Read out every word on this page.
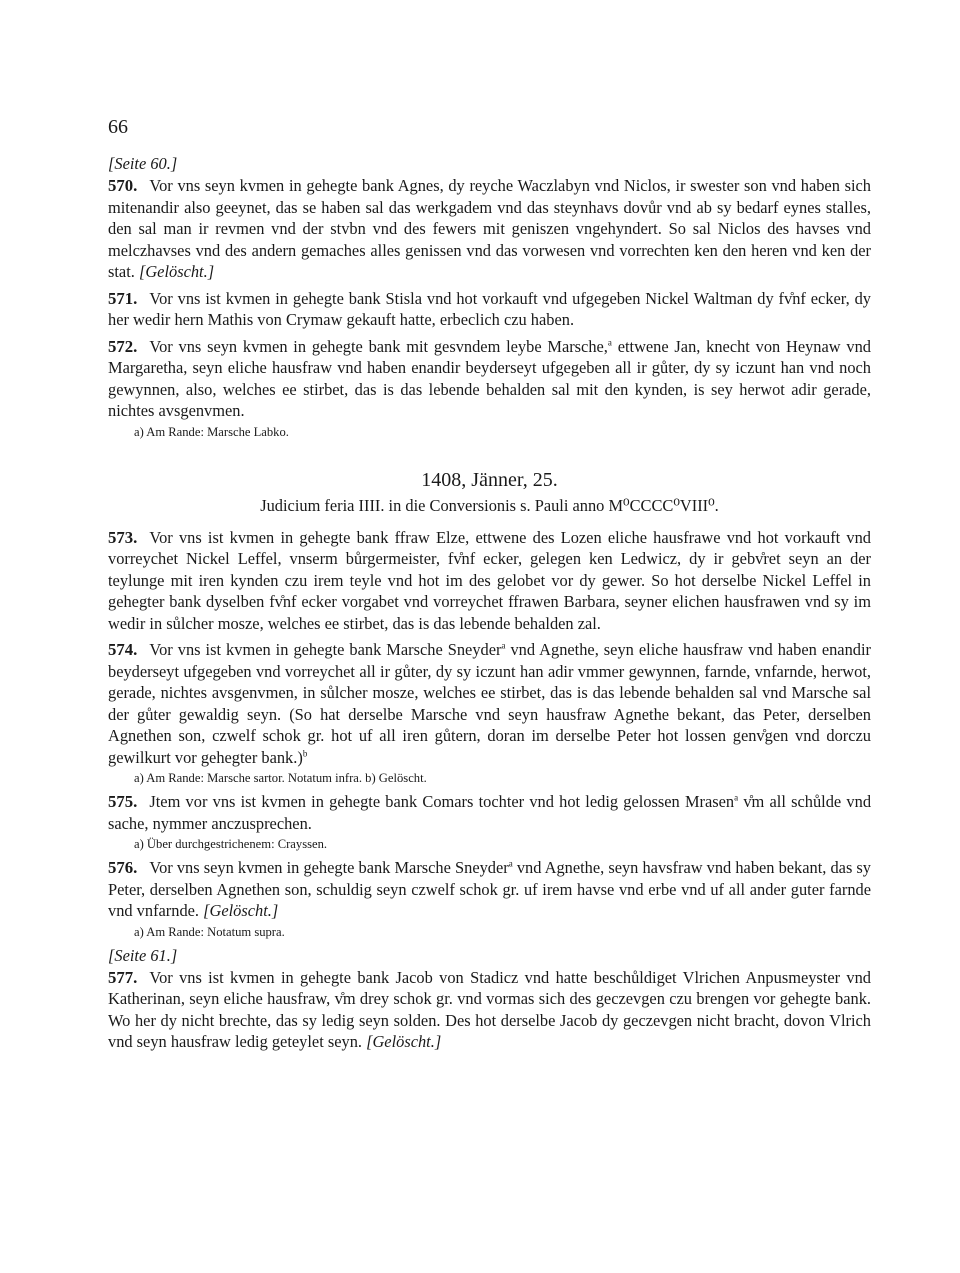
66
[Seite 60.]

570. Vor vns seyn kvmen in gehegte bank Agnes, dy reyche Waczlabyn vnd Niclos, ir swester son vnd haben sich mitenandir also geeynet, das se haben sal das werkgadem vnd das steynhavs dovůr vnd ab sy bedarf eynes stalles, den sal man ir revmen vnd der stvbn vnd des fewers mit geniszen vngehyndert. So sal Niclos des havses vnd melczhavses vnd des andern gemaches alles genissen vnd das vorwesen vnd vorrechten ken den heren vnd ken der stat. [Gelöscht.]

571. Vor vns ist kvmen in gehegte bank Stisla vnd hot vorkauft vnd ufgegeben Nickel Waltman dy fv̊nf ecker, dy her wedir hern Mathis von Crymaw gekauft hatte, erbeclich czu haben.

572. Vor vns seyn kvmen in gehegte bank mit gesvndem leybe Marsche,$^a$ ettwene Jan, knecht von Heynaw vnd Margaretha, seyn eliche hausfraw vnd haben enandir beyderseyt ufgegeben all ir gůter, dy sy iczunt han vnd noch gewynnen, also, welches ee stirbet, das is das lebende behalden sal mit den kynden, is sey herwot adir gerade, nichtes avsgenvmen.

a) Am Rande: Marsche Labko.
1408, Jänner, 25.
Judicium feria IIII. in die Conversionis s. Pauli anno M⁰CCCC⁰VIII⁰.

573. Vor vns ist kvmen in gehegte bank ffraw Elze, ettwene des Lozen eliche hausfrawe vnd hot vorkauft vnd vorreychet Nickel Leffel, vnserm bůrgermeister, fv̊nf ecker, gelegen ken Ledwicz, dy ir gebv̊ret seyn an der teylunge mit iren kynden czu irem teyle vnd hot im des gelobet vor dy gewer. So hot derselbe Nickel Leffel in gehegter bank dyselben fv̊nf ecker vorgabet vnd vorreychet ffrawen Barbara, seyner elichen hausfrawen vnd sy im wedir in sůlcher mosze, welches ee stirbet, das is das lebende behalden zal.

574. Vor vns ist kvmen in gehegte bank Marsche Sneyder$^a$ vnd Agnethe, seyn eliche hausfraw vnd haben enandir beyderseyt ufgegeben vnd vorreychet all ir gůter, dy sy iczunt han adir vmmer gewynnen, farnde, vnfarnde, herwot, gerade, nichtes avsgenvmen, in sůlcher mosze, welches ee stirbet, das is das lebende behalden sal vnd Marsche sal der gůter gewaldig seyn. (So hat derselbe Marsche vnd seyn hausfraw Agnethe bekant, das Peter, derselben Agnethen son, czwelf schok gr. hot uf all iren gůtern, doran im derselbe Peter hot lossen genv̊gen vnd dorczu gewilkurt vor gehegter bank.)$^b$

a) Am Rande: Marsche sartor. Notatum infra. b) Gelöscht.

575. Jtem vor vns ist kvmen in gehegte bank Comars tochter vnd hot ledig gelossen Mrasen$^a$ v̊m all schůlde vnd sache, nymmer anczusprechen.

a) Über durchgestrichenem: Crayssen.

576. Vor vns seyn kvmen in gehegte bank Marsche Sneyder$^a$ vnd Agnethe, seyn havsfraw vnd haben bekant, das sy Peter, derselben Agnethen son, schuldig seyn czwelf schok gr. uf irem havse vnd erbe vnd uf all ander guter farnde vnd vnfarnde. [Gelöscht.]

a) Am Rande: Notatum supra.
[Seite 61.]

577. Vor vns ist kvmen in gehegte bank Jacob von Stadicz vnd hatte beschůldiget Vlrichen Anpusmeyster vnd Katherinan, seyn eliche hausfraw, v̊m drey schok gr. vnd vormas sich des geczevgen czu brengen vor gehegte bank. Wo her dy nicht brechte, das sy ledig seyn solden. Des hot derselbe Jacob dy geczevgen nicht bracht, dovon Vlrich vnd seyn hausfraw ledig geteylet seyn. [Gelöscht.]
